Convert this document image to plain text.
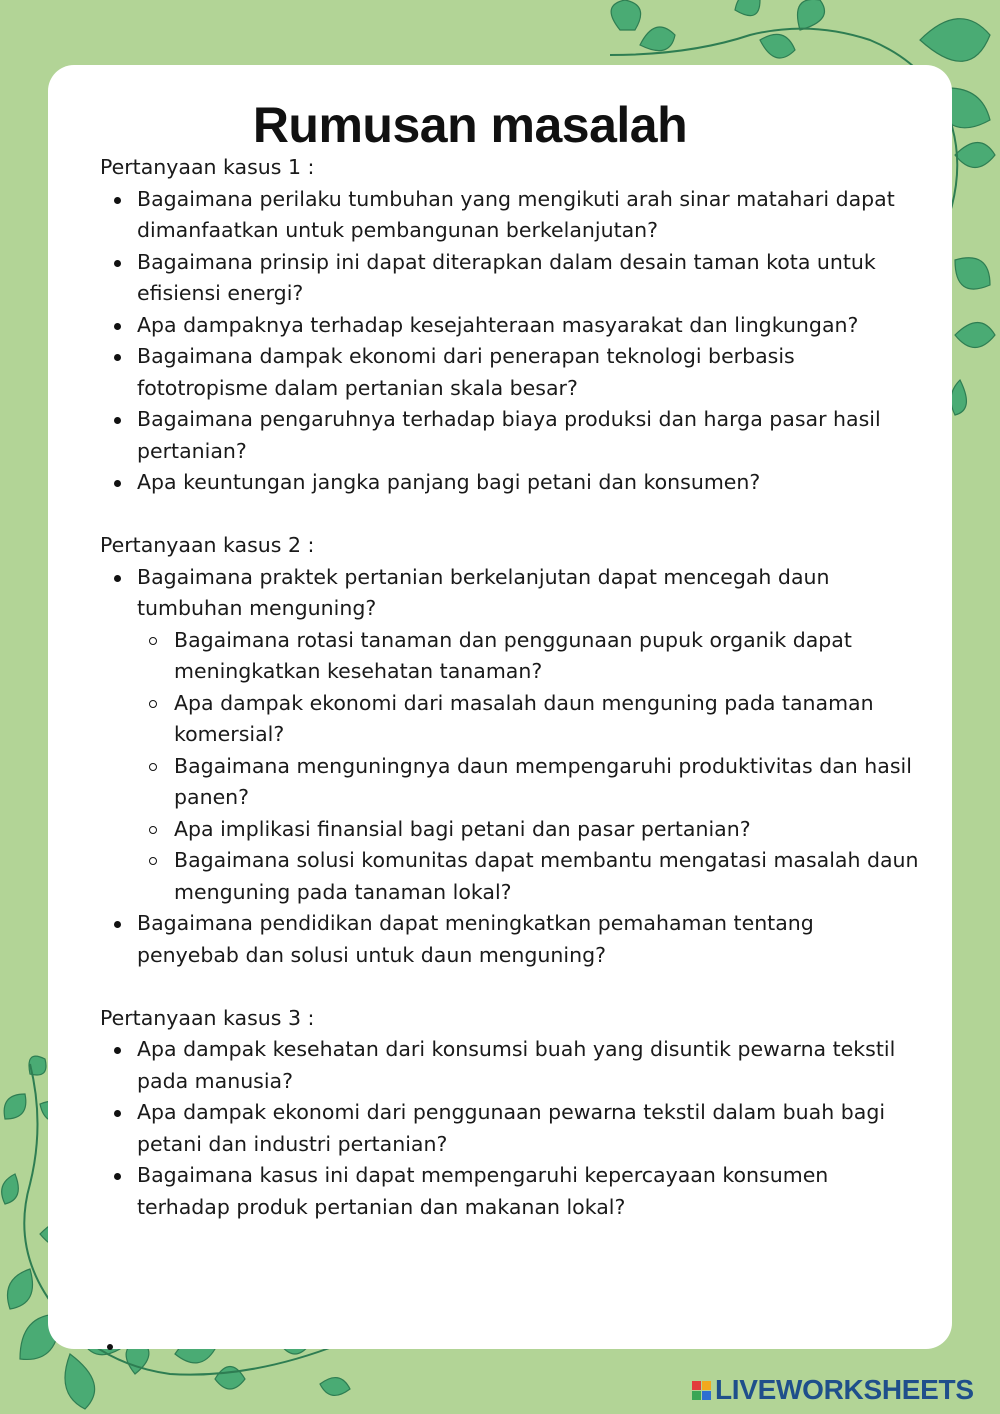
Rumusan masalah

Pertanyaan kasus 1 :

Bagaimana perilaku tumbuhan yang mengikuti arah sinar matahari dapat dimanfaatkan untuk pembangunan berkelanjutan?
Bagaimana prinsip ini dapat diterapkan dalam desain taman kota untuk efisiensi energi?
Apa dampaknya terhadap kesejahteraan masyarakat dan lingkungan?
Bagaimana dampak ekonomi dari penerapan teknologi berbasis fototropisme dalam pertanian skala besar?
Bagaimana pengaruhnya terhadap biaya produksi dan harga pasar hasil pertanian?
Apa keuntungan jangka panjang bagi petani dan konsumen?

Pertanyaan kasus 2 :

Bagaimana praktek pertanian berkelanjutan dapat mencegah daun tumbuhan menguning?
Bagaimana rotasi tanaman dan penggunaan pupuk organik dapat meningkatkan kesehatan tanaman?
Apa dampak ekonomi dari masalah daun menguning pada tanaman komersial?
Bagaimana menguningnya daun mempengaruhi produktivitas dan hasil panen?
Apa implikasi finansial bagi petani dan pasar pertanian?
Bagaimana solusi komunitas dapat membantu mengatasi masalah daun menguning pada tanaman lokal?
Bagaimana pendidikan dapat meningkatkan pemahaman tentang penyebab dan solusi untuk daun menguning?

Pertanyaan kasus 3 :

Apa dampak kesehatan dari konsumsi buah yang disuntik pewarna tekstil pada manusia?
Apa dampak ekonomi dari penggunaan pewarna tekstil dalam buah bagi petani dan industri pertanian?
Bagaimana kasus ini dapat mempengaruhi kepercayaan konsumen terhadap produk pertanian dan makanan lokal?
LIVEWORKSHEETS
